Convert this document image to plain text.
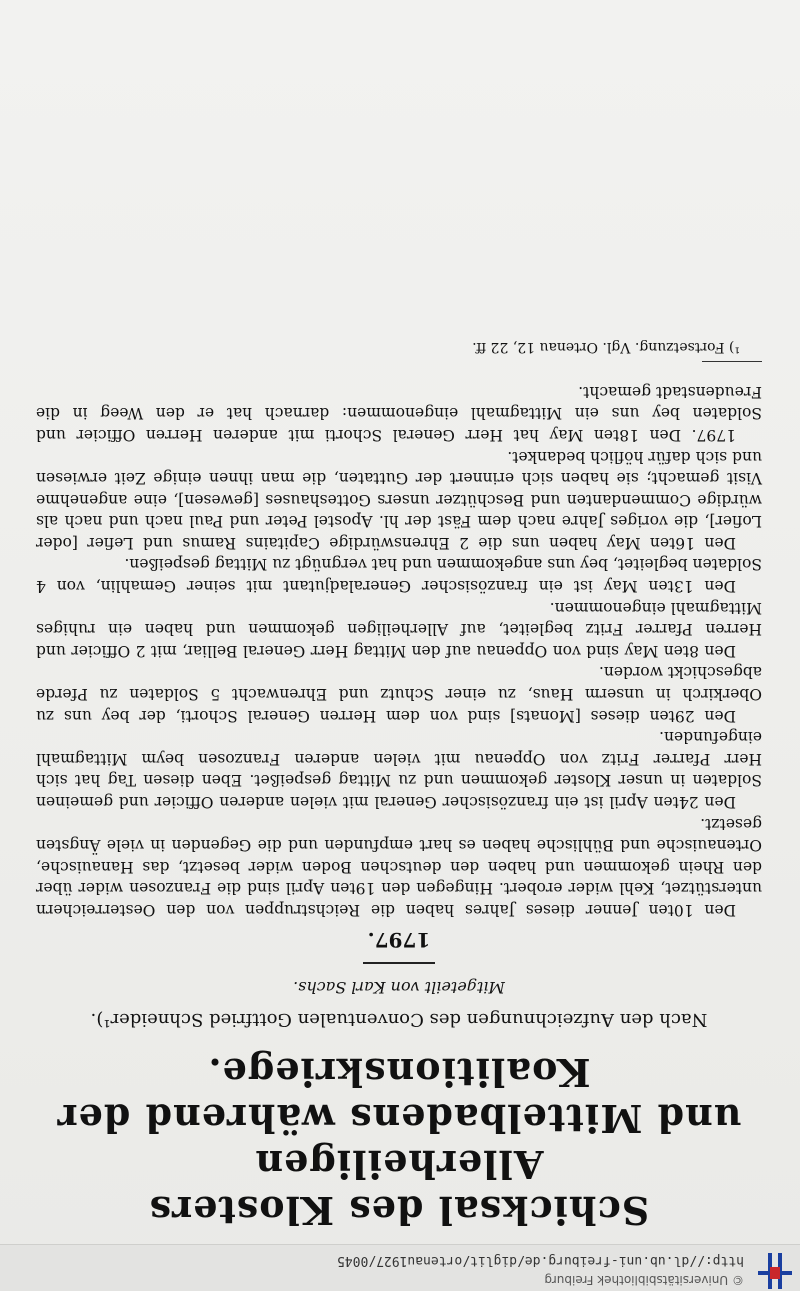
© Universitätsbibliothek Freiburg
http://dl.ub.uni-freiburg.de/diglit/ortenau1927/0045
Schicksal des Klosters Allerheiligen
und Mittelbadens während der
Koalitionskriege.

Nach den Aufzeichnungen des Conventualen Gottfried Schneider¹).

Mitgeteilt von Karl Sachs.

1797.

Den 10ten Jenner dieses Jahres haben die Reichstruppen von den Oesterreichern unterstützet, Kehl wider erobert. Hingegen den 19ten April sind die Franzosen wider über den Rhein gekommen und haben den deutschen Boden wider besetzt, das Hanauische, Ortenauische und Bühlische haben es hart empfunden und die Gegenden in viele Ängsten gesetzt.

Den 24ten April ist ein französischer General mit vielen anderen Officier und gemeinen Soldaten in unser Kloster gekommen und zu Mittag gespeißet. Eben diesen Tag hat sich Herr Pfarrer Fritz von Oppenau mit vielen anderen Franzosen beym Mittagmahl eingefunden.

Den 29ten dieses [Monats] sind von dem Herren General Schorti, der bey uns zu Oberkirch in unserm Haus, zu einer Schutz und Ehrenwacht 5 Soldaten zu Pferde abgeschickt worden.

Den 8ten May sind von Oppenau auf den Mittag Herr General Belliar, mit 2 Officier und Herren Pfarrer Fritz begleitet, auf Allerheiligen gekommen und haben ein ruhiges Mittagmahl eingenommen.

Den 13ten May ist ein französischer Generaladjutant mit seiner Gemahlin, von 4 Soldaten begleitet, bey uns angekommen und hat vergnügt zu Mittag gespeißen.

Den 16ten May haben uns die 2 Ehrenswürdige Capitains Ramus und Lefier [oder Lofier], die voriges Jahre nach dem Fäst der hl. Apostel Peter und Paul nach und nach als würdige Commendanten und Beschützer unsers Gotteshauses [gewesen], eine angenehme Visit gemacht; sie haben sich erinnert der Guttaten, die man ihnen einige Zeit erwiesen und sich dafür höflich bedanket.

1797. Den 18ten May hat Herr General Schorti mit anderen Herren Officier und Soldaten bey uns ein Mittagmahl eingenommen: darnach hat er den Weeg in die Freudenstadt gemacht.

¹) Fortsetzung. Vgl. Ortenau 12, 22 ff.
